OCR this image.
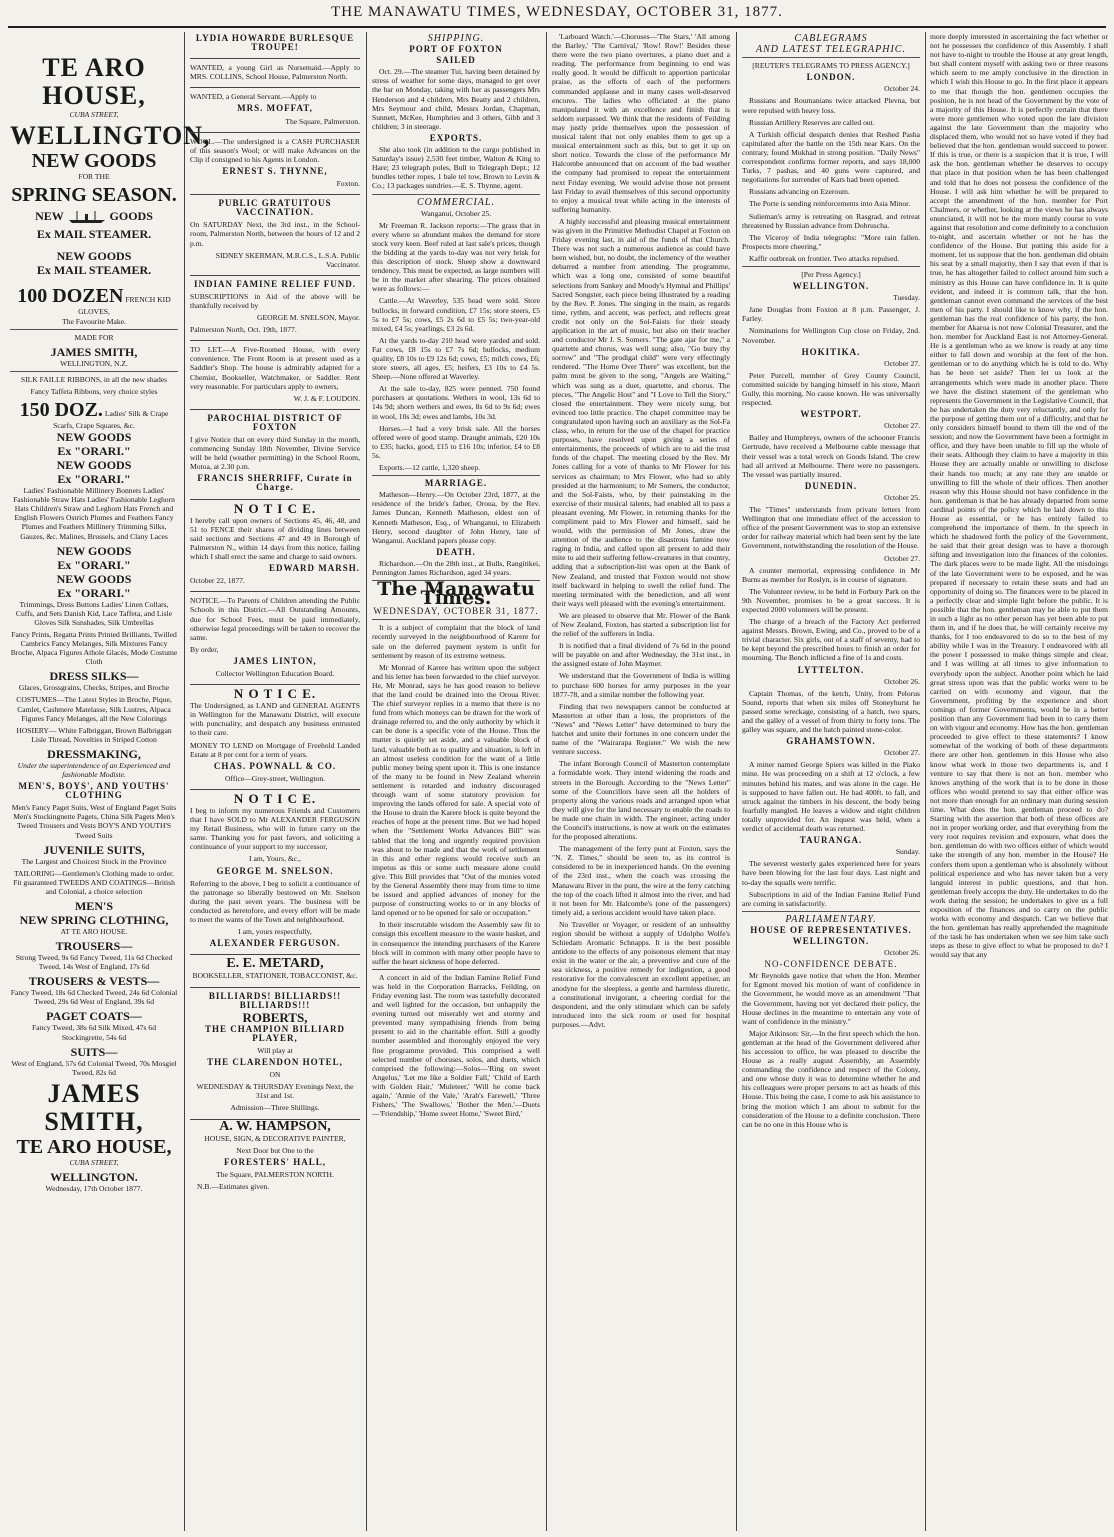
THE MANAWATU TIMES, WEDNESDAY, OCTOBER 31, 1877.
TE ARO
HOUSE,

CUBA STREET,

WELLINGTON,
NEW GOODS

FOR THE

SPRING SEASON.
NEW	GOODS
Ex MAIL STEAMER.
NEW GOODS
Ex MAIL STEAMER.
100 DOZEN FRENCH KID GLOVES,

The Favourite Make.

MADE FOR

JAMES SMITH,

WELLINGTON, N.Z.

SILK FAILLE RIBBONS, in all the new shades

Fancy Taffeta Ribbons, very choice styles

150 DOZ. Ladies' Silk & Crape Scarfs, Crape Squares, &c.
NEW GOODS
Ex "ORARI."
NEW GOODS
Ex "ORARI."

Ladies' Fashionable Millinery Bonnets Ladies' Fashionable Straw Hats Ladies' Fashionable Leghorn Hats Children's Straw and Leghorn Hats French and English Flowers Ostrich Plumes and Feathers Fancy Plumes and Feathers Millinery Trimming Silks, Gauzes, &c. Malines, Brussels, and Clany Laces

NEW GOODS
Ex "ORARI."
NEW GOODS
Ex "ORARI."

Trimmings, Dress Buttons Ladies' Linen Collars, Cuffs, and Sets Danish Kid, Lace Taffeta, and Lisle Gloves Silk Sunshades, Silk Umbrellas

Fancy Prints, Regatta Prints Printed Brilliants, Twilled Cambrics Fancy Melanges, Silk Mixtures Fancy Broche, Alpaca Figures Athole Glacés, Mode Costume Cloth

DRESS SILKS—

Glaces, Grossgrains, Checks, Stripes, and Broche

COSTUMES—The Latest Styles in Broche, Pique, Camlet, Cashmere Matelasse, Silk Lustres, Alpaca Figures Fancy Melanges, all the New Colorings

HOSIERY— White Falbriggan, Brown Balbriggan Lisle Thread, Novelties in Striped Cotton

DRESSMAKING,

Under the superintendence of an Experienced and fashionable Modiste.

MEN'S, BOYS', AND YOUTHS' CLOTHING

Men's Fancy Paget Suits, West of England Paget Suits Men's Stockingnette Pagets, China Silk Pagets Men's Tweed Trousers and Vests BOY'S AND YOUTH'S Tweed Suits

JUVENILE SUITS,

The Largest and Choicest Stock in the Province

TAILORING—Gentlemen's Clothing made to order. Fit guaranteed TWEEDS AND COATINGS—British and Colonial, a choice selection

MEN'S
NEW SPRING CLOTHING,

AT TE ARO HOUSE.

TROUSERS—

Strong Tweed, 9s 6d Fancy Tweed, 11s 6d Checked Tweed, 14s West of England, 17s 6d

TROUSERS & VESTS—

Fancy Tweed, 18s 6d Checked Tweed, 24s 6d Colonial Tweed, 29s 6d West of England, 39s 6d

PAGET COATS—

Fancy Tweed, 38s 6d Silk Mixed, 47s 6d Stockingrette, 54s 6d

SUITS—

West of England, 57s 6d Colonial Tweed, 70s Mosgiel Tweed, 82s 6d

JAMES SMITH,
TE ARO HOUSE,

CUBA STREET,

WELLINGTON.

Wednesday, 17th October 1877.

LYDIA HOWARDE BURLESQUE TROUPE!

WANTED, a young Girl as Nursemaid.—Apply to MRS. COLLINS, School House, Palmerston North.

WANTED, a General Servant.—Apply to

MRS. MOFFAT,

The Square, Palmerston.

WOOL.—The undersigned is a CASH PURCHASER of this season's Wool; or will make Advances on the Clip if consigned to his Agents in London.

ERNEST S. THYNNE,

Foxton.

PUBLIC GRATUITOUS VACCINATION.

On SATURDAY Next, the 3rd inst., in the School-room, Palmerston North, between the hours of 12 and 2 p.m.

SIDNEY SKERMAN, M.R.C.S., L.S.A. Public Vaccinator.

INDIAN FAMINE RELIEF FUND.

SUBSCRIPTIONS in Aid of the above will be thankfully received by

GEORGE M. SNELSON, Mayor.

Palmerston North, Oct. 19th, 1877.

TO LET.—A Five-Roomed House, with every convenience. The Front Room is at present used as a Saddler's Shop. The house is admirably adapted for a Chemist, Bookseller, Watchmaker, or Saddler. Rent very reasonable. For particulars apply to owners,

W. J. & F. LOUDON.

PAROCHIAL DISTRICT OF FOXTON

I give Notice that on every third Sunday in the month, commencing Sunday 18th November, Divine Service will be held (weather permitting) in the School Room, Motoa, at 2.30 p.m.

FRANCIS SHERRIFF, Curate in Charge.

N O T I C E.

I hereby call upon owners of Sections 45, 46, 48, and 51 to FENCE their shares of dividing lines between said sections and Sections 47 and 49 in Borough of Palmerston N., within 14 days from this notice, failing which I shall erect the same and charge to said owners.

EDWARD MARSH.

October 22, 1877.

NOTICE.—To Parents of Children attending the Public Schools in this District.—All Outstanding Amounts, due for School Fees, must be paid immediately, otherwise legal proceedings will be taken to recover the same.

By order,

JAMES LINTON,

Collector Wellington Education Board.

N O T I C E.

The Undersigned, as LAND and GENERAL AGENTS in Wellington for the Manawatu District, will execute with punctuality, and despatch any business entrusted to their care.

MONEY TO LEND on Mortgage of Freehold Landed Estate at 8 per cent for a term of years.

CHAS. POWNALL & CO.

Office—Grey-street, Wellington.

N O T I C E.

I beg to inform my numerous Friends and Customers that I have SOLD to Mr ALEXANDER FERGUSON my Retail Business, who will in future carry on the same. Thanking you for past favors, and soliciting a continuance of your support to my successor,

I am, Yours, &c.,

GEORGE M. SNELSON.

Referring to the above, I beg to solicit a continuance of the patronage so liberally bestowed on Mr. Snelson during the past seven years. The business will be conducted as heretofore, and every effort will be made to meet the wants of the Town and neighbourhood.

I am, yours respectfully,

ALEXANDER FERGUSON.

E. E. METARD,

BOOKSELLER, STATIONER, TOBACCONIST, &c.

BILLIARDS! BILLIARDS!! BILLIARDS!!!

ROBERTS,

THE CHAMPION BILLIARD PLAYER,

Will play at

THE CLARENDON HOTEL,

ON

WEDNESDAY & THURSDAY Evenings Next, the 31st and 1st.

Admission—Three Shillings.

A. W. HAMPSON,

HOUSE, SIGN, & DECORATIVE PAINTER,

Next Door but One to the

FORESTERS' HALL,

The Square, PALMERSTON NORTH.

N.B.—Estimates given.

SHIPPING.
PORT OF FOXTON
SAILED

Oct. 29.—The steamer Tui, having been detained by stress of weather for some days, managed to get over the bar on Monday, taking with her as passengers Mrs Henderson and 4 children, Mrs Beatty and 2 children, Mrs Seymour and child, Messrs Jordan, Chapman, Sunnett, McKee, Humphries and 3 others, Gibb and 3 children; 3 in steerage.

EXPORTS.

She also took (in addition to the cargo published in Saturday's issue) 2,530 feet timber, Walton & King to Hare; 23 telegraph poles, Bull to Telegraph Dept.; 12 bundles tether ropes, 1 bale tel tow, Brown to Levin & Co.; 13 packages sundries.—E. S. Thynne, agent.

COMMERCIAL.

Wanganui, October 25.

Mr Freeman R. Jackson reports:—The grass that in every where so abundant makes the demand for store stock very keen. Beef ruled at last sale's prices, though the bidding at the yards to-day was not very brisk for this description of stock. Sheep show a downward tendency. This must be expected, as large numbers will be in the market after shearing. The prices obtained were as follows:—

Cattle.—At Waverley, 535 head were sold. Store bullocks, in forward condition, £7 15s; store steers, £5 5s to £7 5s; cows, £5 2s 6d to £5 5s; two-year-old mixed, £4 5s; yearlings, £3 2s 6d.

At the yards to-day 210 head were yarded and sold. Fat cows, £8 15s to £7 7s 6d; bullocks, medium quality, £8 10s to £9 12s 6d; cows, £5; milch cows, £6; store steers, all ages, £5; heifers, £3 10s to £4 5s. Sheep.—None offered at Waverley.

At the sale to-day, 825 were penned. 750 found purchasers at quotations. Wethers in wool, 13s 6d to 14s 9d; shorn wethers and ewes, 8s 6d to 9s 6d; ewes in wool, 10s 3d; ewes and lambs, 10s 3d.

Horses.—I had a very brisk sale. All the horses offered were of good stamp. Draught animals, £20 10s to £35; hacks, good, £15 to £16 10s; inferior, £4 to £8 5s.

Exports.—12 cattle, 1,320 sheep.

MARRIAGE.

Matheson—Henry.—On October 23rd, 1877, at the residence of the bride's father, Oroua, by the Rev. James Duncan, Kenneth Matheson, eldest son of Kenneth Matheson, Esq., of Whanganui, to Elizabeth Henry, second daughter of John Henry, late of Wanganui. Auckland papers please copy.

DEATH.

Richardson.—On the 28th inst., at Bulls, Rangitikei, Pennington James Richardson, aged 34 years.

The Manawatu Times.
WEDNESDAY, OCTOBER 31, 1877.

It is a subject of complaint that the block of land recently surveyed in the neighbourhood of Karere for sale on the deferred payment system is unfit for settlement by reason of its extreme wetness.

Mr Monrad of Karere has written upon the subject and his letter has been forwarded to the chief surveyor. He, Mr Monrad, says he has good reason to believe that the land could be drained into the Oroua River. The chief surveyor replies in a memo that there is no fund from which moneys can be drawn for the work of drainage referred to, and the only authority by which it can be done is a specific vote of the House. Thus the matter is quietly set aside, and a valuable block of land, valuable both as to quality and situation, is left in an almost useless condition for the want of a little public money being spent upon it. This is one instance of the many to be found in New Zealand wherein settlement is retarded and industry discouraged through want of some statutory provision for improving the lands offered for sale. A special vote of the House to drain the Karere block is quite beyond the reaches of hope at the present time. But we had hoped when the "Settlement Works Advances Bill" was tabled that the long and urgently required provision was about to be made and that the work of settlement in this and other regions would receive such an impetus as this or some such measure alone could give. This Bill provides that "Out of the monies voted by the General Assembly there may from time to time be issued and applied advances of money for the purpose of constructing works to or in any blocks of land opened or to be opened for sale or occupation."

In their inscrutable wisdom the Assembly saw fit to consign this excellent measure to the waste basket, and in consequence the intending purchasers of the Karere block will in common with many other people have to suffer the heart sickness of hope deferred.

A concert in aid of the Indian Famine Relief Fund was held in the Corporation Barracks, Feilding, on Friday evening last. The room was tastefully decorated and well lighted for the occasion, but unhappily the evening turned out miserably wet and stormy and prevented many sympathising friends from being present to aid in the charitable effort. Still a goodly number assembled and thoroughly enjoyed the very fine programme provided. This comprised a well selected number of choruses, solos, and duets, which comprised the following:—Solos—'Ring on sweet Angelus,' 'Let me like a Soldier Fall,' 'Child of Earth with Golden Hair,' 'Muleteer,' 'Will he come back again,' 'Annie of the Vale,' 'Arab's Farewell,' 'Three Fishers,' 'The Swallows,' 'Bother the Men.'—Duets—'Friendship,' 'Home sweet Home,' 'Sweet Bird,'

'Larboard Watch.'—Choruses—'The Stars,' 'All among the Barley,' 'The Carnival,' 'Row! Row!' Besides these there were the two piano overtures, a piano duet and a reading. The performance from beginning to end was really good. It would be difficult to apportion particular praise, as the efforts of each of the performers commanded applause and in many cases well-deserved encores. The ladies who officiated at the piano manipulated it with an excellence and finish that is seldom surpassed. We think that the residents of Feilding may justly pride themselves upon the possession of musical talent that not only enables them to get up a musical entertainment such as this, but to get it up on short notice. Towards the close of the performance Mr Halcombe announced that on account of the bad weather the company had promised to repeat the entertainment next Friday evening. We would advise those not present last Friday to avail themselves of this second opportunity to enjoy a musical treat while acting in the interests of suffering humanity.

A highly successful and pleasing musical entertainment was given in the Primitive Methodist Chapel at Foxton on Friday evening last, in aid of the funds of that Church. There was not such a numerous audience as could have been wished, but, no doubt, the inclemency of the weather debarred a number from attending. The programme, which was a long one, consisted of some beautiful selections from Sankey and Moody's Hymnal and Phillips' Sacred Songster, each piece being illustrated by a reading by the Rev. P. Jones. The singing in the main, as regards time, rythm, and accent, was perfect, and reflects great credit not only on the Sol-Faists for their steady application in the art of music, but also on their teacher and conductor Mr J. S. Somers. "The gate ajar for me," a quartette and chorus, was well sung; also, "Go bury thy sorrow" and "The prodigal child" were very effectingly rendered. "The Home Over There" was excellent, but the palm must be given to the song, "Angels are Waiting," which was sung as a duet, quartette, and chorus. The pieces, "The Angelic Host" and "I Love to Tell the Story," closed the entertainment. They were nicely sung, but evinced too little practice. The chapel committee may be congratulated upon having such an auxiliary as the Sol-Fa class, who, in return for the use of the chapel for practice purposes, have resolved upon giving a series of entertainments, the proceeds of which are to aid the trust funds of the chapel. The meeting closed by the Rev. Mr Jones calling for a vote of thanks to Mr Flower for his services as chairman; to Mrs Flower, who had so ably presided at the harmonium; to Mr Somers, the conductor, and the Sol-Faists, who, by their painstaking in the exercise of their musical talents, had enabled all to pass a pleasant evening. Mr Flower, in returning thanks for the compliment paid to Mrs Flower and himself, said he would, with the permission of Mr Jones, draw the attention of the audience to the disastrous famine now raging in India, and called upon all present to add their mite to aid their suffering fellow-creatures in that country, adding that a subscription-list was open at the Bank of New Zealand, and trusted that Foxton would not show itself backward in helping to swell the relief fund. The meeting terminated with the benediction, and all went their ways well pleased with the evening's entertainment.

We are pleased to observe that Mr. Flower of the Bank of New Zealand, Foxton, has started a subscription list for the relief of the sufferers in India.

It is notified that a final dividend of 7s 6d in the pound will be payable on and after Wednesday, the 31st inst., in the assigned estate of John Maymer.

We understand that the Government of India is willing to purchase 600 horses for army purposes in the year 1877-78, and a similar number the following year.

Finding that two newspapers cannot be conducted at Masterton at other than a loss, the proprietors of the "News" and "News Letter" have determined to bury the hatchet and unite their fortunes in one concern under the name of the "Wairarapa Register." We wish the new venture success.

The infant Borough Council of Masterton contemplate a formidable work. They intend widening the roads and streets in the Borough. According to the "News Letter" some of the Councillors have seen all the holders of property along the various roads and arranged upon what they will give for the land necessary to enable the roads to be made one chain in width. The engineer, acting under the Council's instructions, is now at work on the estimates for the proposed alterations.

The management of the ferry punt at Foxton, says the "N. Z. Times," should be seen to, as its control is considered to be in inexperienced hands. On the evening of the 23rd inst., when the coach was crossing the Manawatu River in the punt, the wire at the ferry catching the top of the coach lifted it almost into the river, and had it not been for Mr. Halcombe's (one of the passengers) timely aid, a serious accident would have taken place.

No Traveller or Voyager, or resident of an unhealthy region should be without a supply of Udolpho Wolfe's Schiedam Aromatic Schnapps. It is the best possible antidote to the effects of any poisonous element that may exist in the water or the air, a preventive and cure of the sea sickness, a positive remedy for indigestion, a good restorative for the convalescent an excellent appetiser, an anodyne for the sleepless, a gentle and harmless diuretic, a constitutional invigorant, a cheering cordial for the despondent, and the only stimulant which can be safely introduced into the sick room or used for hospital purposes.—Advt.

CABLEGRAMS
AND LATEST TELEGRAPHIC.

[REUTER'S TELEGRAMS TO PRESS AGENCY.]

LONDON.

October 24.

Russians and Roumanians twice attacked Plevna, but were repulsed with heavy loss.

Russian Artillery Reserves are called out.

A Turkish official despatch denies that Reshed Pasha capitulated after the battle on the 15th near Kars. On the contrary, found Mukhad in strong position. "Daily News" correspondent confirms former reports, and says 18,000 Turks, 7 pashas, and 40 guns were captured, and negotiations for surrender of Kars had been opened.

Russians advancing on Ezeroum.

The Porte is sending reinforcements into Asia Minor.

Sulieman's army is retreating on Rasgrad, and retreat threatened by Russian advance from Dobruscha.

The Viceroy of India telegraphs: "More rain fallen. Prospects more cheering."

Kaffir outbreak on frontier. Two attacks repulsed.

[Per Press Agency.]

WELLINGTON.

Tuesday.

Jane Douglas from Foxton at 8 p.m. Passenger, J. Farley.

Nominations for Wellington Cup close on Friday, 2nd. November.

HOKITIKA.

October 27.

Peter Purcell, member of Grey County Council, committed suicide by hanging himself in his store, Maori Gully, this morning. No cause known. He was universally respected.

WESTPORT.

October 27.

Bailey and Humphreys, owners of the schooner Francis Gertrude, have received a Melbourne cable message that their vessel was a total wreck on Goods Island. The crew had all arrived at Melbourne. There were no passengers. The vessel was partially insured.

DUNEDIN.

October 25.

The "Times" understands from private letters from Wellington that one immediate effect of the accession to office of the present Government was to stop an extensive order for railway material which had been sent by the late Government, notwithstanding the resolution of the House.

October 27.

A counter memorial, expressing confidence in Mr Burns as member for Roslyn, is in course of signature.

The Volunteer review, to be held in Forbury Park on the 9th November, promises to be a great success. It is expected 2000 volunteers will be present.

The charge of a breach of the Factory Act preferred against Messrs. Brown, Ewing, and Co., proved to be of a trivial character. Six girls, out of a staff of seventy, had to be kept beyond the prescribed hours to finish an order for mourning. The Bench inflicted a fine of 1s and costs.

LYTTELTON.

October 26.

Captain Thomas, of the ketch, Unity, from Pelorus Sound, reports that when six miles off Stoneyhurst he passed some wreckage, consisting of a hatch, two spars, and the galley of a vessel of from thirty to forty tons. The galley was square, and the hatch painted stone-color.

GRAHAMSTOWN.

October 27.

A miner named George Spiers was killed in the Piako mine. He was proceeding on a shift at 12 o'clock, a few minutes behind his mates, and was alone in the cage. He is supposed to have fallen out. He had 400ft. to fall, and struck against the timbers in his descent, the body being fearfully mangled. He leaves a widow and eight children totally unprovided for. An inquest was held, when a verdict of accidental death was returned.

TAURANGA.

Sunday.

The severest westerly gales experienced here for years have been blowing for the last four days. Last night and to-day the squalls were terrific.

Subscriptions in aid of the Indian Famine Relief Fund are coming in satisfactorily.

PARLIAMENTARY.
HOUSE OF REPRESENTATIVES.
WELLINGTON.

October 26.

NO-CONFIDENCE DEBATE.

Mr Reynolds gave notice that when the Hon. Member for Egmont moved his motion of want of confidence in the Government, he would move as an amendment "That the Government, having not yet declared their policy, the House declines in the meantime to entertain any vote of want of confidence in the ministry."

Major Atkinson: Sir,—In the first speech which the hon. gentleman at the head of the Government delivered after his accession to office, he was pleased to describe the House as a really august Assembly, an Assembly commanding the confidence and respect of the Colony, and one whose duty it was to determine whether he and his colleagues were proper persons to act as heads of this House. This being the case, I come to ask his assistance to bring the motion which I am about to submit for the consideration of the House to a definite conclusion. There can be no one in this House who is

more deeply interested in ascertaining the fact whether or not he possesses the confidence of this Assembly. I shall not have to-night to trouble the House at any great length, but shall content myself with asking two or three reasons which seem to me amply conclusive in the direction in which I wish this House to go. In the first place it appears to me that though the hon. gentlemen occupies the position, he is not head of the Government by the vote of a majority of this House. It is perfectly certain that there were more gentlemen who voted upon the late division against the late Government than the majority who displaced them, who would not so have voted if they had believed that the hon. gentleman would succeed to power. If this is true, or there is a suspicion that it is true, I will ask the hon. gentleman whether he deserves to occupy that place in that position when he has been challenged and told that he does not possess the confidence of the House. I will ask him whether he will be prepared to accept the amendment of the hon. member for Port Chalmers, or whether, looking at the views he has always enunciated, it will not be the more manly course to vote against that resolution and come definitely to a conclusion to-night, and ascertain whether or not he has the confidence of the House. But putting this aside for a moment, let us suppose that the hon. gentleman did obtain his seat by a small majority, then I say that even if that is true, he has altogether failed to collect around him such a ministry as this House can have confidence in. It is quite evident, and indeed it is common talk, that the hon. gentleman cannot even command the services of the best men of his party. I should like to know why, if the hon. gentleman has the real confidence of his party, the hon. member for Akaroa is not now Colonial Treasurer, and the hon. member for Auckland East is not Attorney-General. He is a gentleman who as we know is ready at any time either to fall down and worship at the feet of the hon. gentleman or to do anything which he is told to do. Why has he been set aside? Then let us look at the arrangements which were made in another place. There we have the distinct statement of the gentleman who represents the Government in the Legislative Council, that he has undertaken the duty very reluctantly, and only for the purpose of getting them out of a difficulty, and that he only considers himself bound to them till the end of the session; and now the Government have been a fortnight in office, and they have been unable to fill up the whole of their seats. Although they claim to have a majority in this House they are actually unable or unwilling to disclose their hands too much; at any rate they are unable or unwilling to fill the whole of their offices. Then another reason why this House should not have confidence in the hon. gentleman is that he has already departed from some cardinal points of the policy which he laid down to this House as essential, or he has entirely failed to comprehend the importance of them. In the speech in which he shadowed forth the policy of the Government, he said that their great design was to have a thorough sifting and investigation into the finances of the colonies. The dark places were to be made light. All the misdoings of the late Government were to be exposed, and he was prepared if necessary to retain these seats and had an opportunity of doing so. The finances were to be placed in a perfectly clear and simple light before the public. It is possible that the hon. gentleman may be able to put them in such a light as no other person has yet been able to put them in, and if he does that, he will certainly receive my thanks, for I too endeavored to do so to the best of my ability while I was in the Treasury. I endeavored with all the power I possessed to make things simple and clear, and I was willing at all times to give information to everybody upon the subject. Another point which he laid great stress upon was that the public works were to be carried on with economy and vigour, that the Government, profiting by the experience and short comings of former Governments, would be in a better position than any Government had been in to carry them on with vigour and economy. How has the hon. gentleman proceeded to give effect to these statements? I know somewhat of the working of both of these departments there are other hon. gentlemen in this House who also know what work in those two departments is, and I venture to say that there is not an hon. member who knows anything of the work that is to be done in those offices who would pretend to say that either office was not more than enough for an ordinary man during session time. What does the hon. gentleman proceed to do? Starting with the assertion that both of these offices are not in proper working order, and that everything from the very root requires revision and exposure, what does the hon. gentleman do with two offices either of which would take the strength of any hon. member in the House? He confers them upon a gentleman who is absolutely without political experience and who has never taken but a very languid interest in public questions, and that hon. gentleman freely accepts the duty. He undertakes to do the work during the session; he undertakes to give us a full exposition of the finances and to carry on the public works with economy and despatch. Can we believe that the hon. gentleman has really apprehended the magnitude of the task he has undertaken when we see him take such steps as these to give effect to what he proposed to do? I would say that any
